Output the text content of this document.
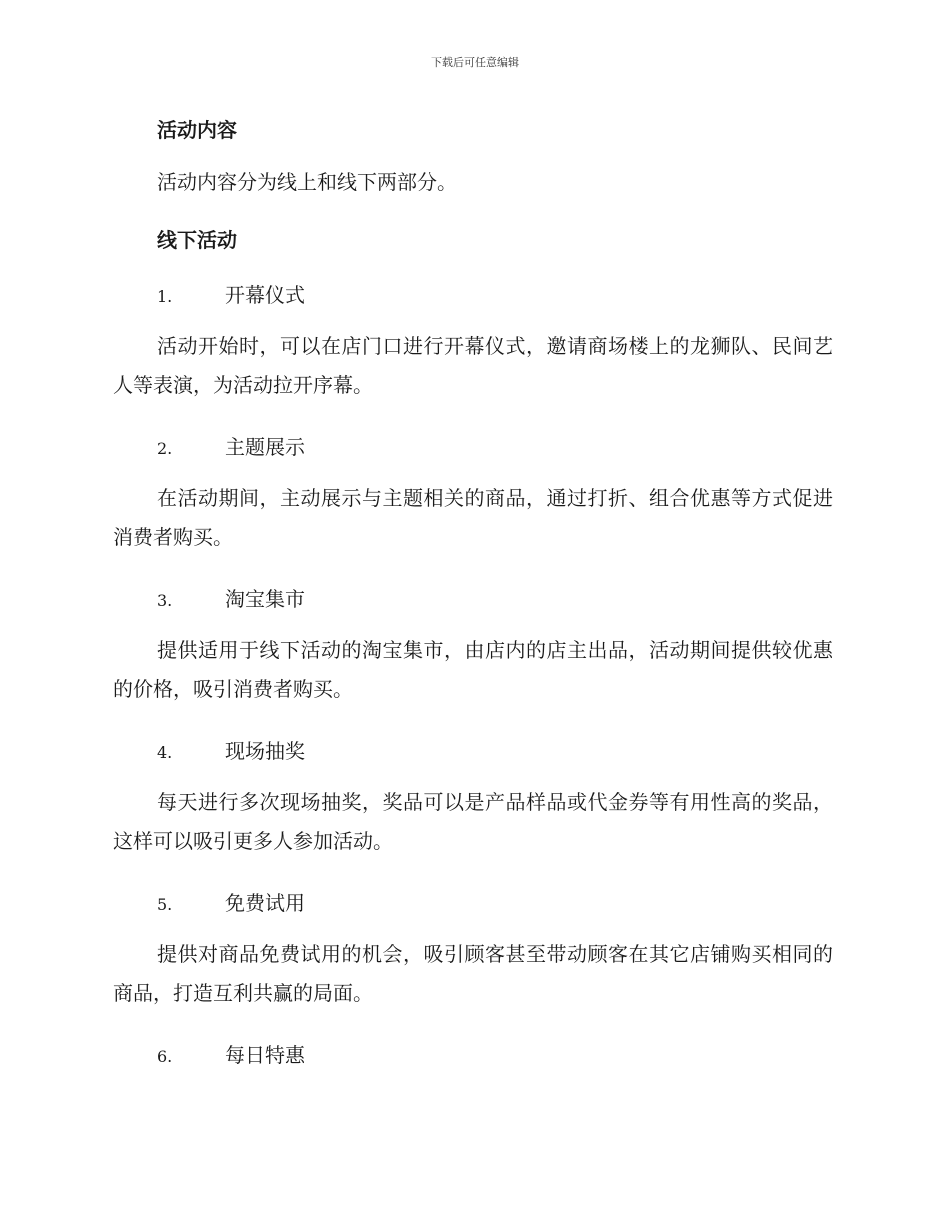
下载后可任意编辑
活动内容
活动内容分为线上和线下两部分。
线下活动
1.	开幕仪式
活动开始时，可以在店门口进行开幕仪式，邀请商场楼上的龙狮队、民间艺人等表演，为活动拉开序幕。
2.	主题展示
在活动期间，主动展示与主题相关的商品，通过打折、组合优惠等方式促进消费者购买。
3.	淘宝集市
提供适用于线下活动的淘宝集市，由店内的店主出品，活动期间提供较优惠的价格，吸引消费者购买。
4.	现场抽奖
每天进行多次现场抽奖，奖品可以是产品样品或代金券等有用性高的奖品，这样可以吸引更多人参加活动。
5.	免费试用
提供对商品免费试用的机会，吸引顾客甚至带动顾客在其它店铺购买相同的商品，打造互利共赢的局面。
6.	每日特惠
